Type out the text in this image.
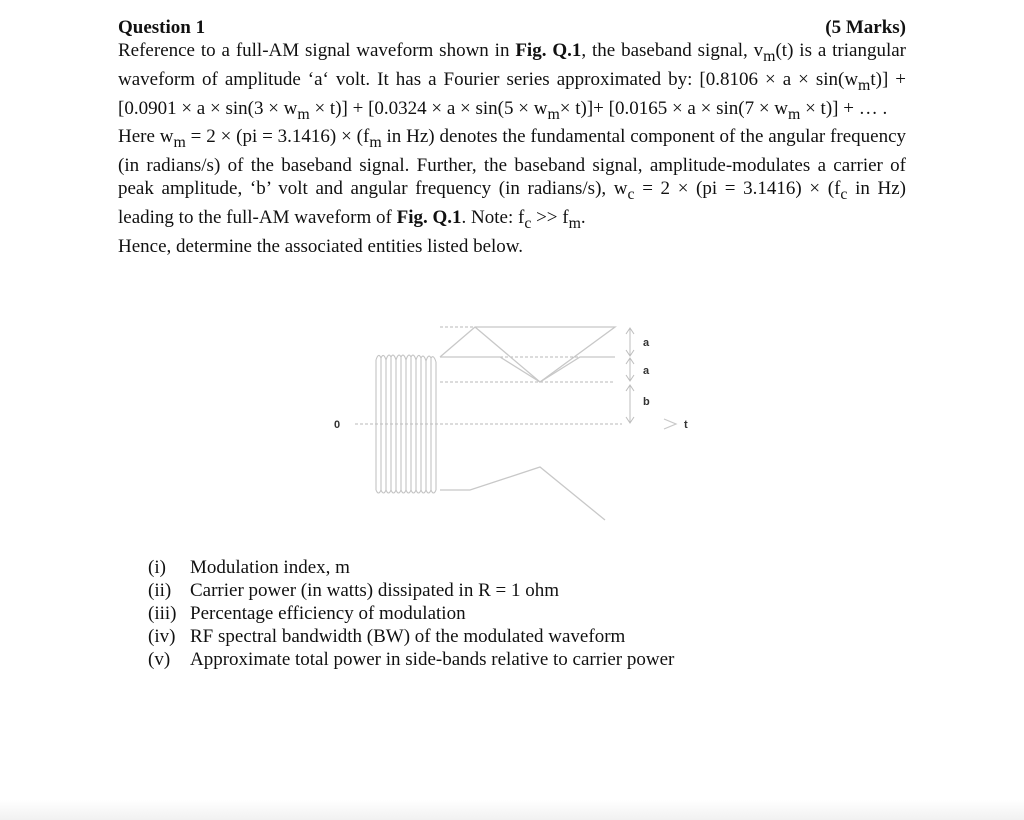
Question 1	(5 Marks)

Reference to a full-AM signal waveform shown in Fig. Q.1, the baseband signal, $v_m(t)$ is a triangular waveform of amplitude ‘a‘ volt. It has a Fourier series approximated by: $[0.8106 \times a \times \sin(w_mt)] + [0.0901 \times a \times \sin(3 \times w_m \times t)] + [0.0324 \times a \times \sin(5 \times w_m\times t)]+ [0.0165 \times a \times \sin(7 \times w_m \times t)]$ + … .

Here $w_m = 2 \times (pi = 3.1416) \times (f_m$ in Hz) denotes the fundamental component of the angular frequency (in radians/s) of the baseband signal. Further, the baseband signal, amplitude-modulates a carrier of peak amplitude, ‘b’ volt and angular frequency (in radians/s), $w_c = 2 \times (pi = 3.1416) \times (f_c$ in Hz) leading to the full-AM waveform of Fig. Q.1. Note: $f_c >> f_m$.

Hence, determine the associated entities listed below.

a
a
b
0	t
(i)	Modulation index, m
(ii) Carrier power (in watts) dissipated in R = 1 ohm
(iii) Percentage efficiency of modulation
(iv) RF spectral bandwidth (BW) of the modulated waveform
(v)	Approximate total power in side-bands relative to carrier power
